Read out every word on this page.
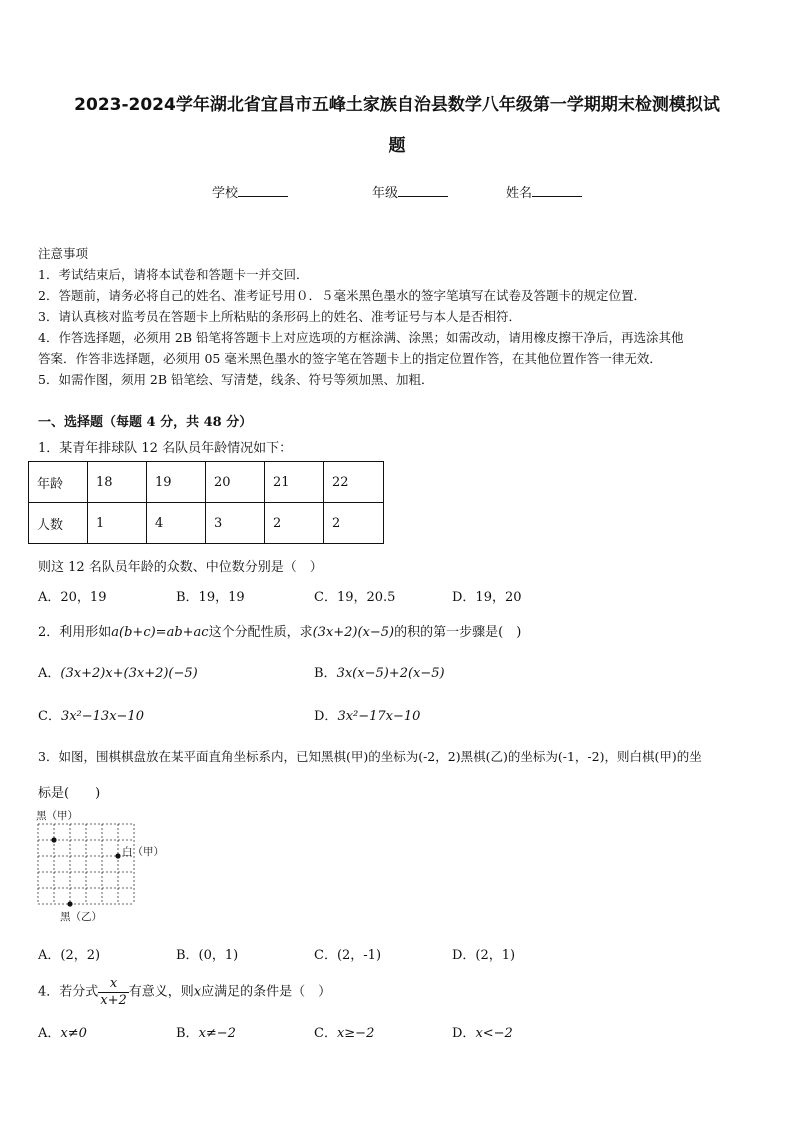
2023-2024学年湖北省宜昌市五峰土家族自治县数学八年级第一学期期末检测模拟试
题
学校	年级	姓名
注意事项
1．考试结束后，请将本试卷和答题卡一并交回．
2．答题前，请务必将自己的姓名、准考证号用０．５毫米黑色墨水的签字笔填写在试卷及答题卡的规定位置．
3．请认真核对监考员在答题卡上所粘贴的条形码上的姓名、准考证号与本人是否相符．
4．作答选择题，必须用 2B 铅笔将答题卡上对应选项的方框涂满、涂黑；如需改动，请用橡皮擦干净后，再选涂其他
答案．作答非选择题，必须用 05 毫米黑色墨水的签字笔在答题卡上的指定位置作答，在其他位置作答一律无效．
5．如需作图，须用 2B 铅笔绘、写清楚，线条、符号等须加黑、加粗．
一、选择题（每题 4 分，共 48 分）
1．某青年排球队 12 名队员年龄情况如下：
年龄	18	19	20	21	22
人数	1	4	3	2	2
则这 12 名队员年龄的众数、中位数分别是（　）
A．20，19	B．19，19	C．19，20.5	D．19，20
2．利用形如a(b+c)=ab+ac这个分配性质，求(3x+2)(x−5)的积的第一步骤是(　)
A．(3x+2)x+(3x+2)(−5)	B．3x(x−5)+2(x−5)
C．3x²−13x−10	D．3x²−17x−10
3．如图，围棋棋盘放在某平面直角坐标系内，已知黑棋(甲)的坐标为(-2，2)黑棋(乙)的坐标为(-1，-2)，则白棋(甲)的坐
标是(　　)
黑（甲）
白（甲）
黑（乙）
A．(2，2)	B．(0，1)	C．(2，-1)	D．(2，1)
4．若分式 $\frac{x}{x+2}$ 有意义，则x应满足的条件是（　）
A．x≠0	B．x≠−2	C．x≥−2	D．x<−2
